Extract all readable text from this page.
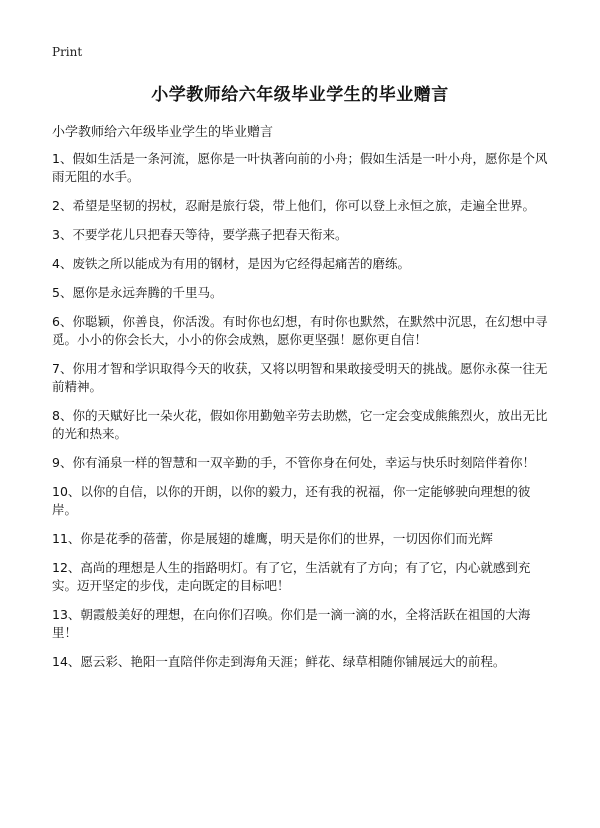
Print
小学教师给六年级毕业学生的毕业赠言

小学教师给六年级毕业学生的毕业赠言

1、假如生活是一条河流，愿你是一叶执著向前的小舟；假如生活是一叶小舟，愿你是个风雨无阻的水手。

2、希望是坚韧的拐杖，忍耐是旅行袋，带上他们，你可以登上永恒之旅，走遍全世界。

3、不要学花儿只把春天等待，要学燕子把春天衔来。

4、废铁之所以能成为有用的钢材，是因为它经得起痛苦的磨练。

5、愿你是永远奔腾的千里马。

6、你聪颖，你善良，你活泼。有时你也幻想，有时你也默然，在默然中沉思，在幻想中寻觅。小小的你会长大，小小的你会成熟，愿你更坚强！愿你更自信！

7、你用才智和学识取得今天的收获，又将以明智和果敢接受明天的挑战。愿你永葆一往无前精神。

8、你的天赋好比一朵火花，假如你用勤勉辛劳去助燃，它一定会变成熊熊烈火，放出无比的光和热来。

9、你有涌泉一样的智慧和一双辛勤的手，不管你身在何处，幸运与快乐时刻陪伴着你！

10、以你的自信，以你的开朗，以你的毅力，还有我的祝福，你一定能够驶向理想的彼岸。

11、你是花季的蓓蕾，你是展翅的雄鹰，明天是你们的世界，一切因你们而光辉

12、高尚的理想是人生的指路明灯。有了它，生活就有了方向；有了它，内心就感到充实。迈开坚定的步伐，走向既定的目标吧！

13、朝霞般美好的理想，在向你们召唤。你们是一滴一滴的水，全将活跃在祖国的大海里！

14、愿云彩、艳阳一直陪伴你走到海角天涯；鲜花、绿草相随你铺展远大的前程。
